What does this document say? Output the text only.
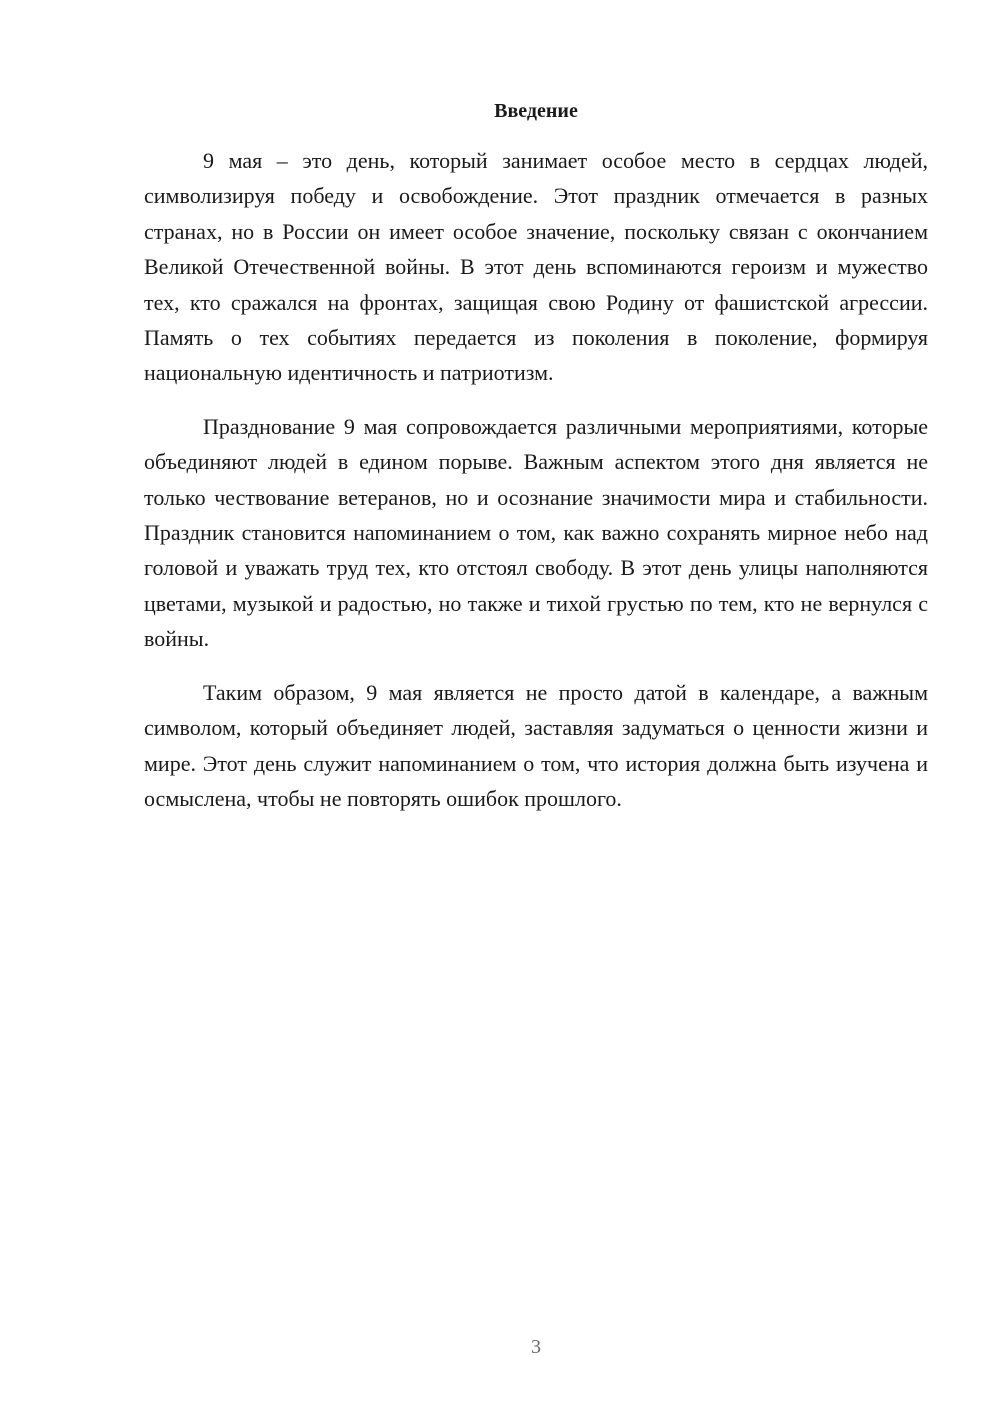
Введение

9 мая – это день, который занимает особое место в сердцах людей, символизируя победу и освобождение. Этот праздник отмечается в разных странах, но в России он имеет особое значение, поскольку связан с окончанием Великой Отечественной войны. В этот день вспоминаются героизм и мужество тех, кто сражался на фронтах, защищая свою Родину от фашистской агрессии. Память о тех событиях передается из поколения в поколение, формируя национальную идентичность и патриотизм.

Празднование 9 мая сопровождается различными мероприятиями, которые объединяют людей в едином порыве. Важным аспектом этого дня является не только чествование ветеранов, но и осознание значимости мира и стабильности. Праздник становится напоминанием о том, как важно сохранять мирное небо над головой и уважать труд тех, кто отстоял свободу. В этот день улицы наполняются цветами, музыкой и радостью, но также и тихой грустью по тем, кто не вернулся с войны.

Таким образом, 9 мая является не просто датой в календаре, а важным символом, который объединяет людей, заставляя задуматься о ценности жизни и мире. Этот день служит напоминанием о том, что история должна быть изучена и осмыслена, чтобы не повторять ошибок прошлого.

3
